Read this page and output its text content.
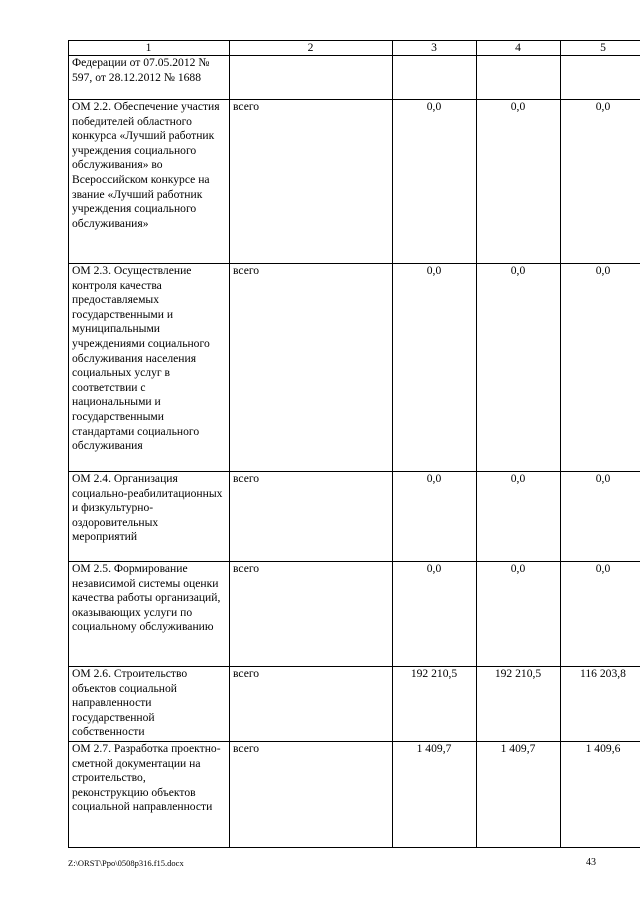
1	2	3	4	5
Федерации от 07.05.2012 № 597, от 28.12.2012 № 1688				
ОМ 2.2. Обеспечение участия победителей областного конкурса «Лучший работник учреждения социального обслуживания» во Всероссийском конкурсе на звание «Лучший работник учреждения социального обслуживания»	всего	0,0	0,0	0,0
ОМ 2.3. Осуществление контроля качества предоставляемых государственными и муниципальными учреждениями социального обслуживания населения социальных услуг в соответствии с национальными и государственными стандартами социального обслуживания	всего	0,0	0,0	0,0
ОМ 2.4. Организация социально-реабилитационных и физкультурно-оздоровительных мероприятий	всего	0,0	0,0	0,0
ОМ 2.5. Формирование независимой системы оценки качества работы организаций, оказывающих услуги по социальному обслуживанию	всего	0,0	0,0	0,0
ОМ 2.6. Строительство объектов социальной направленности государственной собственности	всего	192 210,5	192 210,5	116 203,8
ОМ 2.7. Разработка проектно-сметной документации на строительство, реконструкцию объектов социальной направленности	всего	1 409,7	1 409,7	1 409,6
Z:\ORST\Ppo\0508p316.f15.docx	43
